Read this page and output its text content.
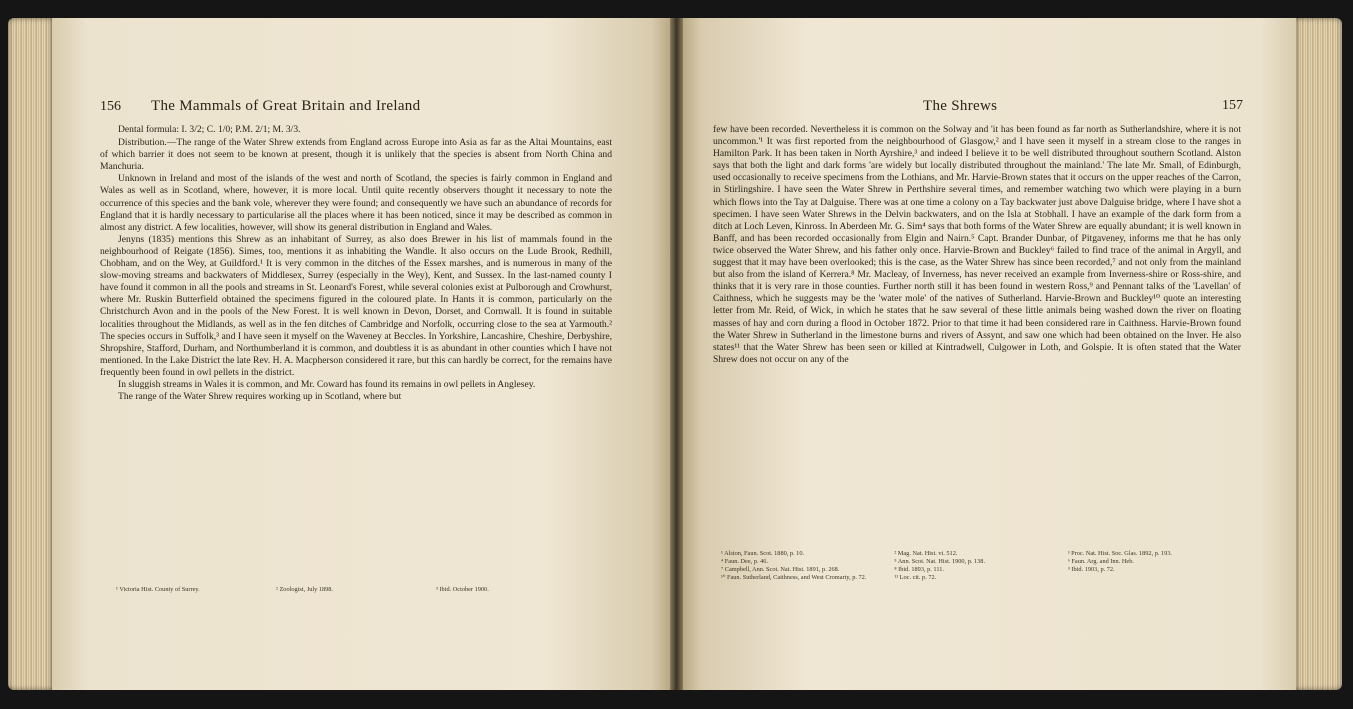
156 The Mammals of Great Britain and Ireland

Dental formula: I. 3/2; C. 1/0; P.M. 2/1; M. 3/3.

Distribution.—The range of the Water Shrew extends from England across Europe into Asia as far as the Altai Mountains, east of which barrier it does not seem to be known at present, though it is unlikely that the species is absent from North China and Manchuria.

Unknown in Ireland and most of the islands of the west and north of Scotland, the species is fairly common in England and Wales as well as in Scotland, where, however, it is more local. Until quite recently observers thought it necessary to note the occurrence of this species and the bank vole, wherever they were found; and consequently we have such an abundance of records for England that it is hardly necessary to particularise all the places where it has been noticed, since it may be described as common in almost any district. A few localities, however, will show its general distribution in England and Wales.

Jenyns (1835) mentions this Shrew as an inhabitant of Surrey, as also does Brewer in his list of mammals found in the neighbourhood of Reigate (1856). Simes, too, mentions it as inhabiting the Wandle. It also occurs on the Lude Brook, Redhill, Chobham, and on the Wey, at Guildford.¹ It is very common in the ditches of the Essex marshes, and is numerous in many of the slow-moving streams and backwaters of Middlesex, Surrey (especially in the Wey), Kent, and Sussex. In the last-named county I have found it common in all the pools and streams in St. Leonard's Forest, while several colonies exist at Pulborough and Crowhurst, where Mr. Ruskin Butterfield obtained the specimens figured in the coloured plate. In Hants it is common, particularly on the Christchurch Avon and in the pools of the New Forest. It is well known in Devon, Dorset, and Cornwall. It is found in suitable localities throughout the Midlands, as well as in the fen ditches of Cambridge and Norfolk, occurring close to the sea at Yarmouth.² The species occurs in Suffolk,³ and I have seen it myself on the Waveney at Beccles. In Yorkshire, Lancashire, Cheshire, Derbyshire, Shropshire, Stafford, Durham, and Northumberland it is common, and doubtless it is as abundant in other counties which I have not mentioned. In the Lake District the late Rev. H. A. Macpherson considered it rare, but this can hardly be correct, for the remains have frequently been found in owl pellets in the district.

In sluggish streams in Wales it is common, and Mr. Coward has found its remains in owl pellets in Anglesey.

The range of the Water Shrew requires working up in Scotland, where but

¹ Victoria Hist. County of Surrey.	² Zoologist, July 1898.	³ Ibid. October 1900.
The Shrews	157

few have been recorded. Nevertheless it is common on the Solway and 'it has been found as far north as Sutherlandshire, where it is not uncommon.'¹ It was first reported from the neighbourhood of Glasgow,² and I have seen it myself in a stream close to the ranges in Hamilton Park. It has been taken in North Ayrshire,³ and indeed I believe it to be well distributed throughout southern Scotland. Alston says that both the light and dark forms 'are widely but locally distributed throughout the mainland.' The late Mr. Small, of Edinburgh, used occasionally to receive specimens from the Lothians, and Mr. Harvie-Brown states that it occurs on the upper reaches of the Carron, in Stirlingshire. I have seen the Water Shrew in Perthshire several times, and remember watching two which were playing in a burn which flows into the Tay at Dalguise. There was at one time a colony on a Tay backwater just above Dalguise bridge, where I have shot a specimen. I have seen Water Shrews in the Delvin backwaters, and on the Isla at Stobhall. I have an example of the dark form from a ditch at Loch Leven, Kinross. In Aberdeen Mr. G. Sim⁴ says that both forms of the Water Shrew are equally abundant; it is well known in Banff, and has been recorded occasionally from Elgin and Nairn.⁵ Capt. Brander Dunbar, of Pitgaveney, informs me that he has only twice observed the Water Shrew, and his father only once. Harvie-Brown and Buckley⁶ failed to find trace of the animal in Argyll, and suggest that it may have been overlooked; this is the case, as the Water Shrew has since been recorded,⁷ and not only from the mainland but also from the island of Kerrera.⁸ Mr. Macleay, of Inverness, has never received an example from Inverness-shire or Ross-shire, and thinks that it is very rare in those counties. Further north still it has been found in western Ross,⁹ and Pennant talks of the 'Lavellan' of Caithness, which he suggests may be the 'water mole' of the natives of Sutherland. Harvie-Brown and Buckley¹⁰ quote an interesting letter from Mr. Reid, of Wick, in which he states that he saw several of these little animals being washed down the river on floating masses of hay and corn during a flood in October 1872. Prior to that time it had been considered rare in Caithness. Harvie-Brown found the Water Shrew in Sutherland in the limestone burns and rivers of Assynt, and saw one which had been obtained on the Inver. He also states¹¹ that the Water Shrew has been seen or killed at Kintradwell, Culgower in Loth, and Golspie. It is often stated that the Water Shrew does not occur on any of the

¹ Alston, Faun. Scot. 1880, p. 10.	² Mag. Nat. Hist. vi. 512.	³ Proc. Nat. Hist. Soc. Glas. 1892, p. 193.
⁴ Faun. Dee, p. 46.	⁵ Ann. Scot. Nat. Hist. 1900, p. 138.	⁶ Faun. Arg. and Inn. Heb.
⁷ Campbell, Ann. Scot. Nat. Hist. 1891, p. 268.	⁸ Ibid. 1893, p. 111.	⁹ Ibid. 1903, p. 72.
¹⁰ Faun. Sutherland, Caithness, and West Cromarty, p. 72.	¹¹ Loc. cit. p. 72.
